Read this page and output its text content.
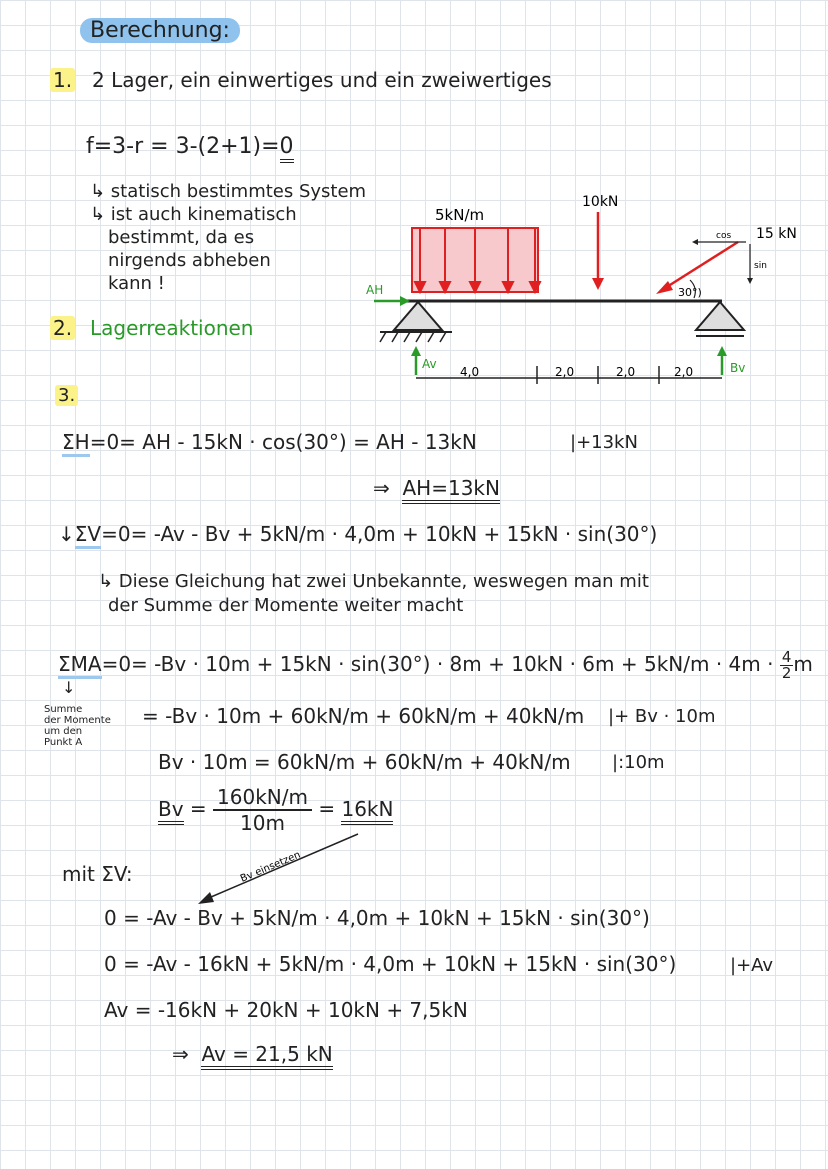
Berechnung:
1. 2 Lager, ein einwertiges und ein zweiwertiges
f=3-r = 3-(2+1)=0
↳ statisch bestimmtes System
↳ ist auch kinematisch
bestimmt, da es
nirgends abheben
kann !
2. Lagerreaktionen
3.
5kN/m
10kN
15 kN
cos
sin
30°)
AH
Av	Bv
4,0	2,0	2,0	2,0
ΣH=0= AH - 15kN · cos(30°) = AH - 13kN	|+13kN
⇒ AH=13kN
↓ΣV=0= -Av - Bv + 5kN/m · 4,0m + 10kN + 15kN · sin(30°)
↳ Diese Gleichung hat zwei Unbekannte, weswegen man mit
der Summe der Momente weiter macht
$\Sigma MA=0= -Bv \cdot 10m + 15kN \cdot \sin(30^\circ) \cdot 8m + 10kN \cdot 6m + 5kN/m \cdot 4m \cdot \frac{4}{2}$ m
↓
Summe
der Momente
um den
Punkt A
= -Bv · 10m + 60kN/m + 60kN/m + 40kN/m |+ Bv · 10m
Bv · 10m = 60kN/m + 60kN/m + 40kN/m |:10m
$Bv = \frac{160kN/m}{10m} = 16kN$
mit ΣV:	Bv einsetzen
0 = -Av - Bv + 5kN/m · 4,0m + 10kN + 15kN · sin(30°)
0 = -Av - 16kN + 5kN/m · 4,0m + 10kN + 15kN · sin(30°)	|+Av
Av = -16kN + 20kN + 10kN + 7,5kN
⇒ Av = 21,5 kN
